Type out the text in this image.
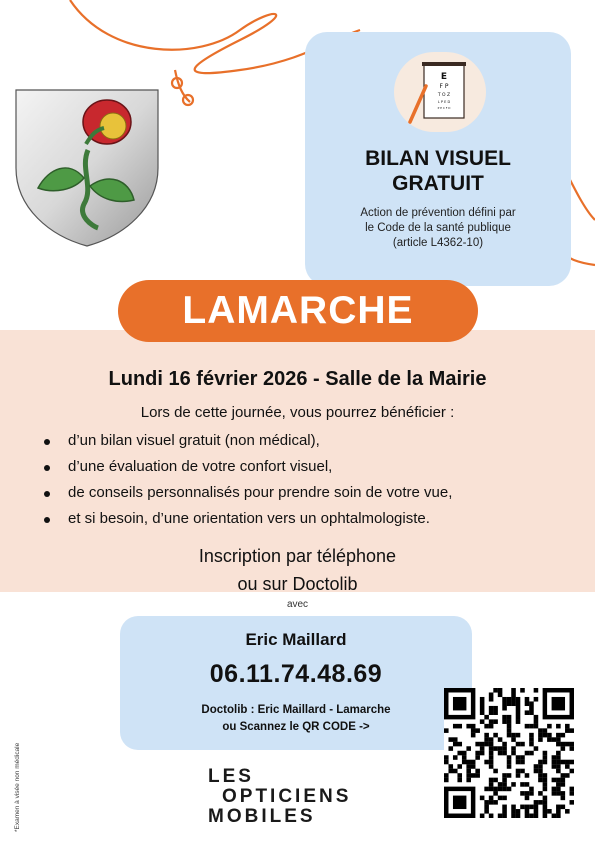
E
F P
T O Z
L P E D
P E C F D
BILAN VISUEL
GRATUIT
Action de prévention défini par
le Code de la santé publique
(article L4362-10)
LAMARCHE
Lundi 16 février 2026 - Salle de la Mairie
Lors de cette journée, vous pourrez bénéficier :
d’un bilan visuel gratuit (non médical),
d’une évaluation de votre confort visuel,
de conseils personnalisés pour prendre soin de votre vue,
et si besoin, d’une orientation vers un ophtalmologiste.
Inscription par téléphone
ou sur Doctolib
avec
Eric Maillard
06.11.74.48.69
Doctolib : Eric Maillard - Lamarche
ou Scannez le QR CODE ->
LES
OPTICIENS
MOBILES
*Examen à visée non médicale
